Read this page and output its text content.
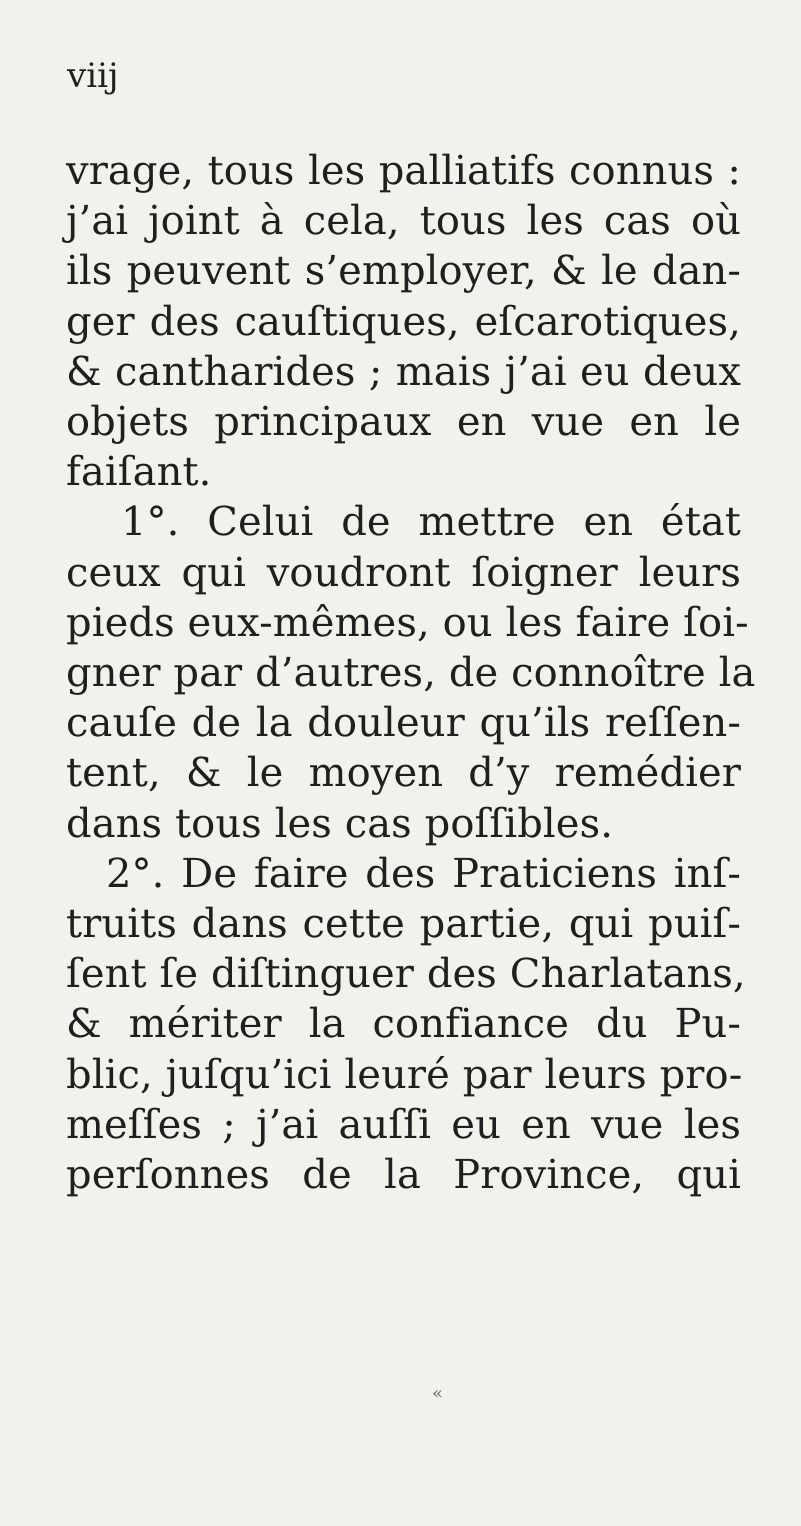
viij
vrage, tous les palliatifs connus :
j’ai joint à cela, tous les cas où
ils peuvent s’employer, & le dan-
ger des cauſtiques, eſcarotiques,
& cantharides ; mais j’ai eu deux
objets principaux en vue en le
faiſant.
1°. Celui de mettre en état
ceux qui voudront ſoigner leurs
pieds eux-mêmes, ou les faire ſoi-
gner par d’autres, de connoître la
cauſe de la douleur qu’ils reſſen-
tent, & le moyen d’y remédier
dans tous les cas poſſibles.
2°. De faire des Praticiens inſ-
truits dans cette partie, qui puiſ-
ſent ſe diſtinguer des Charlatans,
& mériter la confiance du Pu-
blic, juſqu’ici leuré par leurs pro-
meſſes ; j’ai auſſi eu en vue les
perſonnes de la Province, qui
«
